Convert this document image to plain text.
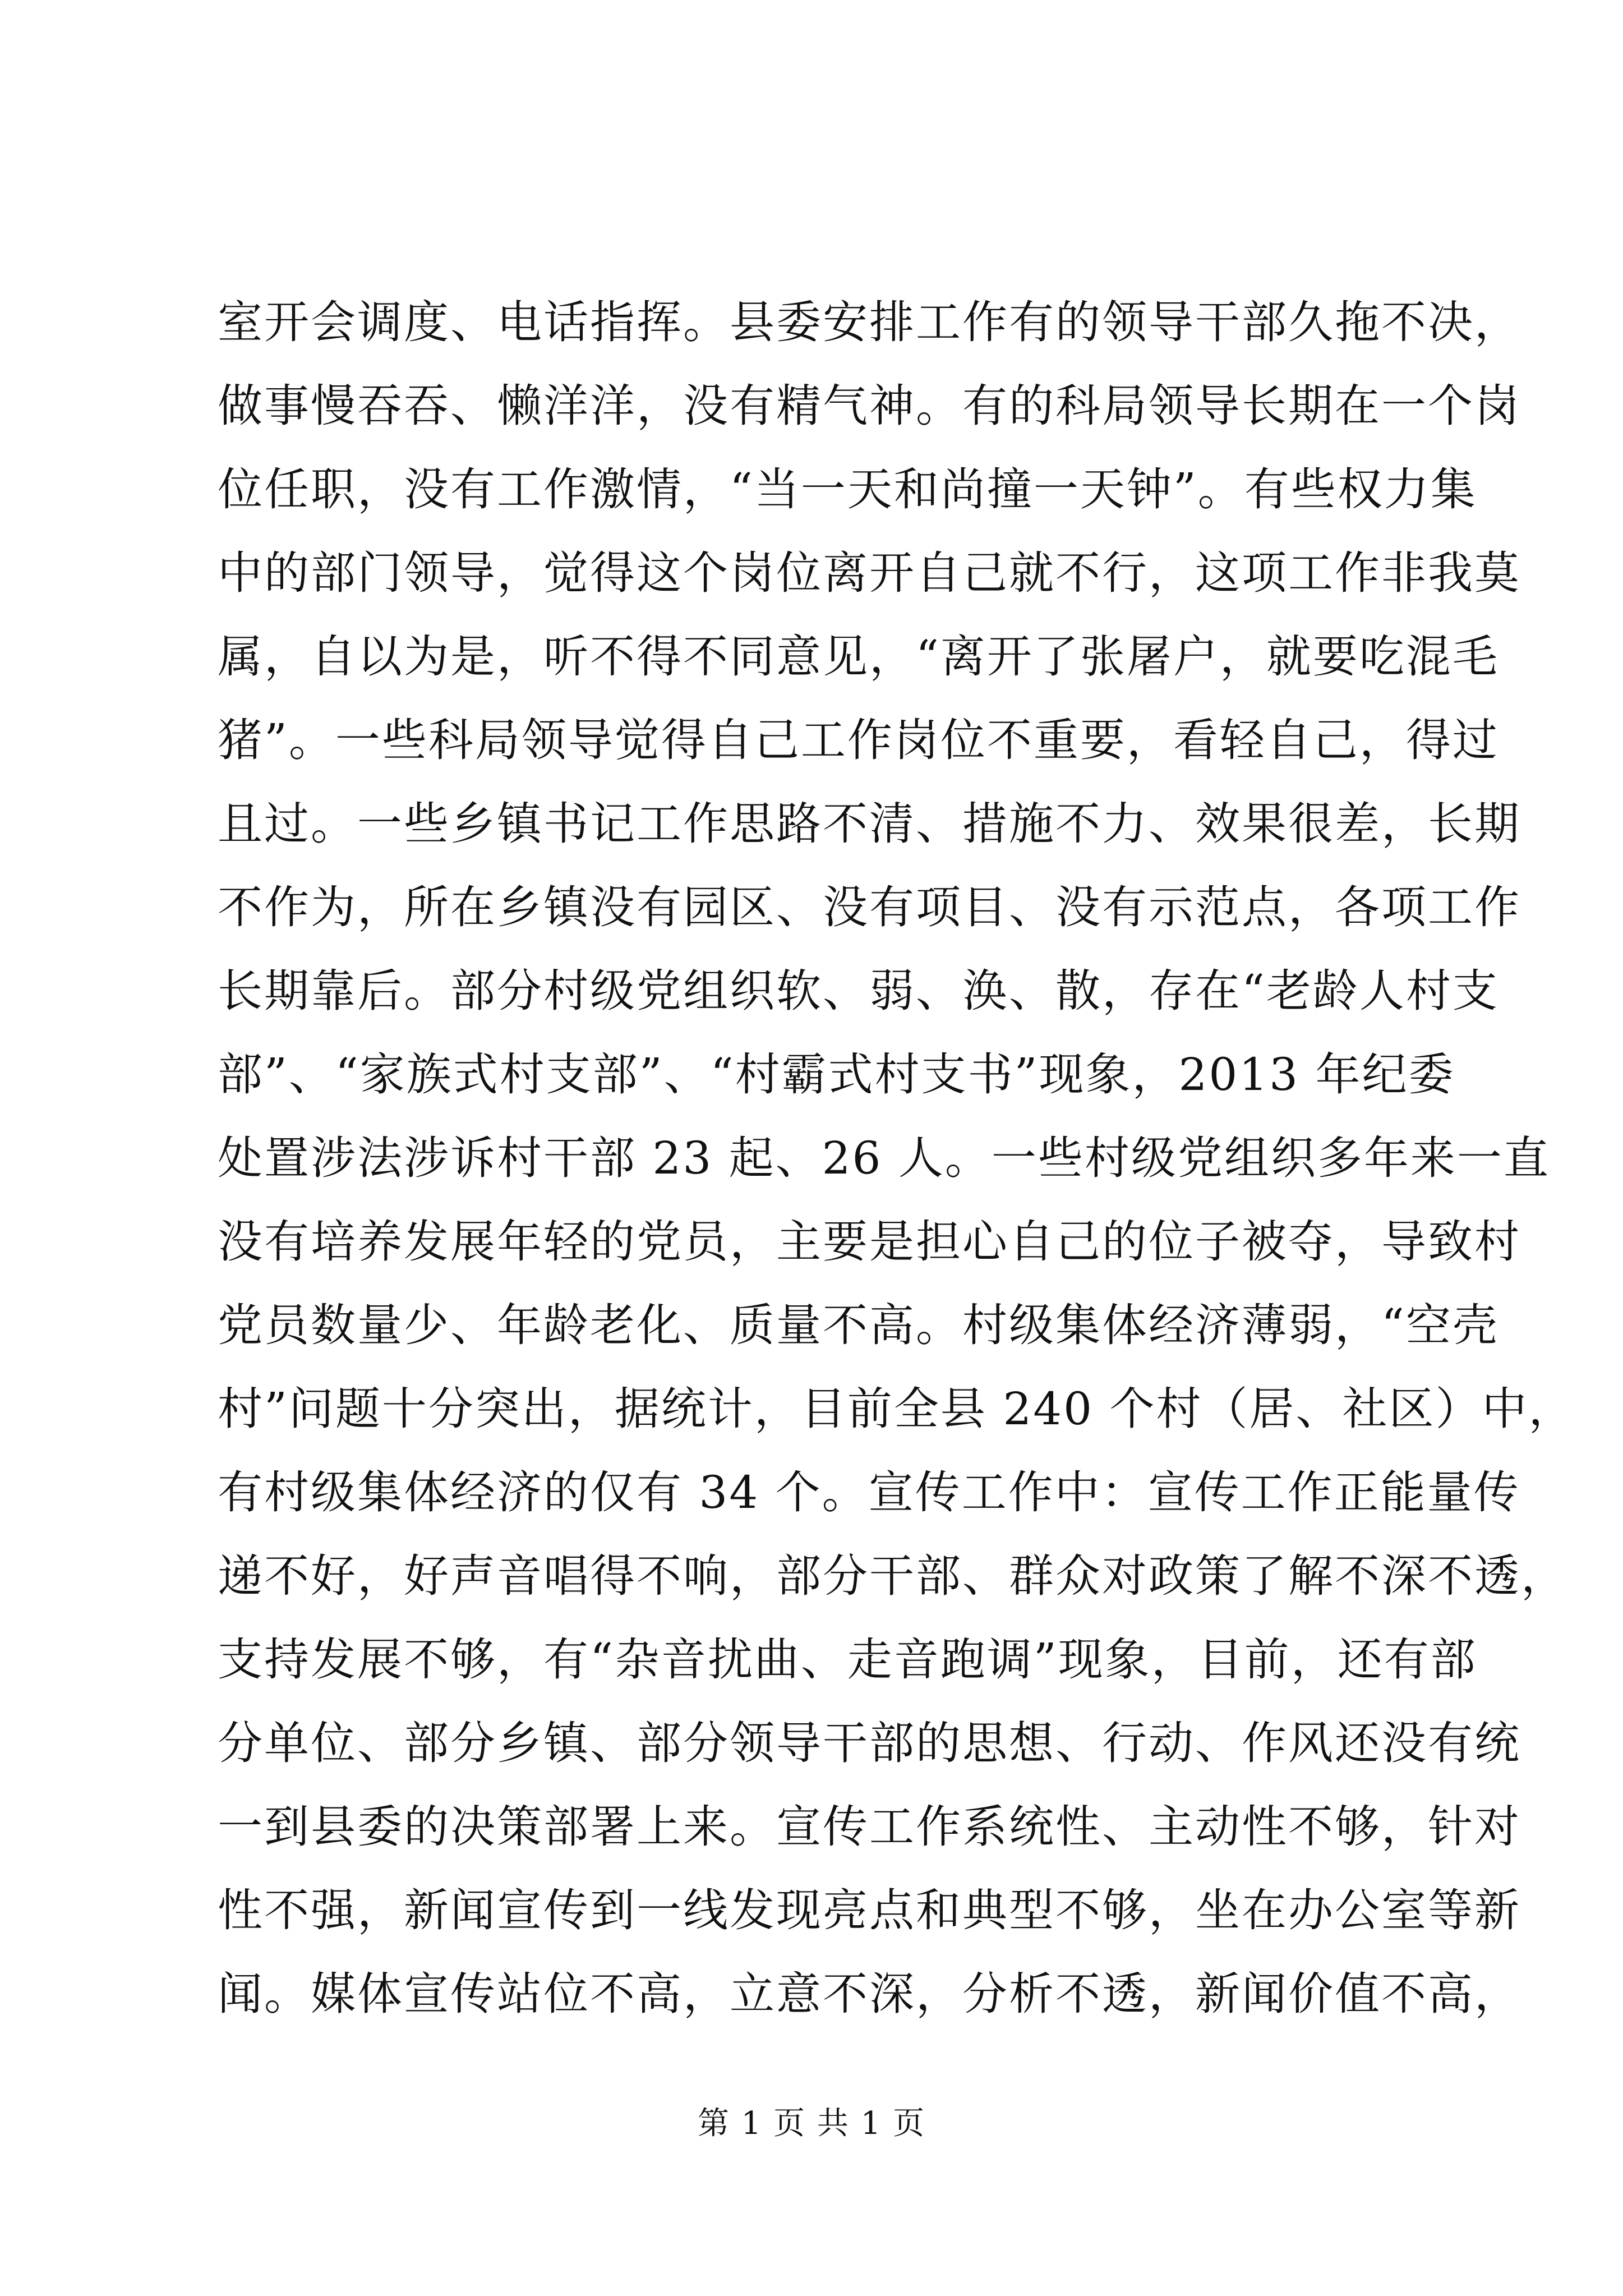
室开会调度、电话指挥。县委安排工作有的领导干部久拖不决，
做事慢吞吞、懒洋洋，没有精气神。有的科局领导长期在一个岗
位任职，没有工作激情，“当一天和尚撞一天钟”。有些权力集
中的部门领导，觉得这个岗位离开自己就不行，这项工作非我莫
属，自以为是，听不得不同意见，“离开了张屠户，就要吃混毛
猪”。一些科局领导觉得自己工作岗位不重要，看轻自己，得过
且过。一些乡镇书记工作思路不清、措施不力、效果很差，长期
不作为，所在乡镇没有园区、没有项目、没有示范点，各项工作
长期靠后。部分村级党组织软、弱、涣、散，存在“老龄人村支
部”、“家族式村支部”、“村霸式村支书”现象，2013 年纪委
处置涉法涉诉村干部 23 起、26 人。一些村级党组织多年来一直
没有培养发展年轻的党员，主要是担心自己的位子被夺，导致村
党员数量少、年龄老化、质量不高。村级集体经济薄弱，“空壳
村”问题十分突出，据统计，目前全县 240 个村（居、社区）中，
有村级集体经济的仅有 34 个。宣传工作中：宣传工作正能量传
递不好，好声音唱得不响，部分干部、群众对政策了解不深不透，
支持发展不够，有“杂音扰曲、走音跑调”现象，目前，还有部
分单位、部分乡镇、部分领导干部的思想、行动、作风还没有统
一到县委的决策部署上来。宣传工作系统性、主动性不够，针对
性不强，新闻宣传到一线发现亮点和典型不够，坐在办公室等新
闻。媒体宣传站位不高，立意不深，分析不透，新闻价值不高，
第 1 页 共 1 页
